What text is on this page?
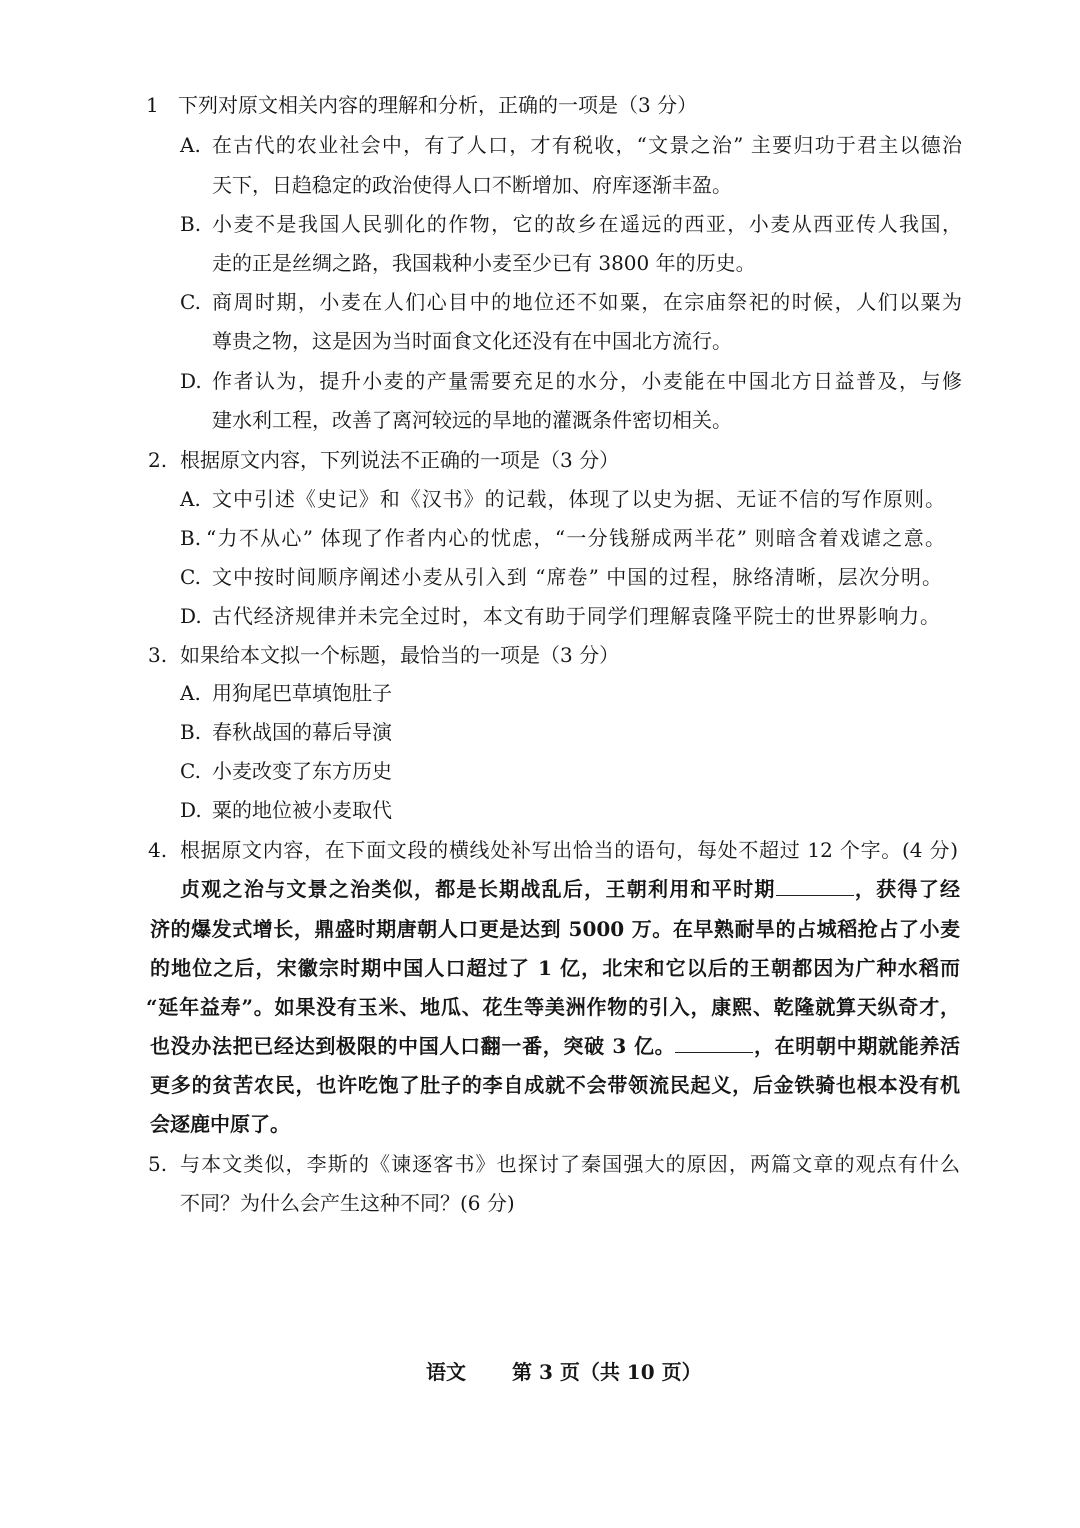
1 下列对原文相关内容的理解和分析，正确的一项是（3 分）
A. 在古代的农业社会中，有了人口，才有税收，“文景之治” 主要归功于君主以德治
天下，日趋稳定的政治使得人口不断增加、府库逐渐丰盈。
B. 小麦不是我国人民驯化的作物，它的故乡在遥远的西亚，小麦从西亚传人我国，
走的正是丝绸之路，我国栽种小麦至少已有 3800 年的历史。
C. 商周时期，小麦在人们心目中的地位还不如粟，在宗庙祭祀的时候，人们以粟为
尊贵之物，这是因为当时面食文化还没有在中国北方流行。
D. 作者认为，提升小麦的产量需要充足的水分，小麦能在中国北方日益普及，与修
建水利工程，改善了离河较远的旱地的灌溉条件密切相关。
2. 根据原文内容，下列说法不正确的一项是（3 分）
A. 文中引述《史记》和《汉书》的记载，体现了以史为据、无证不信的写作原则。
B. “力不从心” 体现了作者内心的忧虑，“一分钱掰成两半花” 则暗含着戏谑之意。
C. 文中按时间顺序阐述小麦从引入到 “席卷” 中国的过程，脉络清晰，层次分明。
D. 古代经济规律并未完全过时，本文有助于同学们理解袁隆平院士的世界影响力。
3. 如果给本文拟一个标题，最恰当的一项是（3 分）
A. 用狗尾巴草填饱肚子
B. 春秋战国的幕后导演
C. 小麦改变了东方历史
D. 粟的地位被小麦取代
4. 根据原文内容，在下面文段的横线处补写出恰当的语句，每处不超过 12 个字。(4 分)
贞观之治与文景之治类似，都是长期战乱后，王朝利用和平时期	，获得了经
济的爆发式增长，鼎盛时期唐朝人口更是达到 5000 万。在早熟耐旱的占城稻抢占了小麦
的地位之后，宋徽宗时期中国人口超过了 1 亿，北宋和它以后的王朝都因为广种水稻而
“延年益寿”。如果没有玉米、地瓜、花生等美洲作物的引入，康熙、乾隆就算天纵奇才，
也没办法把已经达到极限的中国人口翻一番，突破 3 亿。	，在明朝中期就能养活
更多的贫苦农民，也许吃饱了肚子的李自成就不会带领流民起义，后金铁骑也根本没有机
会逐鹿中原了。
5. 与本文类似，李斯的《谏逐客书》也探讨了秦国强大的原因，两篇文章的观点有什么
不同？为什么会产生这种不同？(6 分)
语文 第 3 页（共 10 页）
